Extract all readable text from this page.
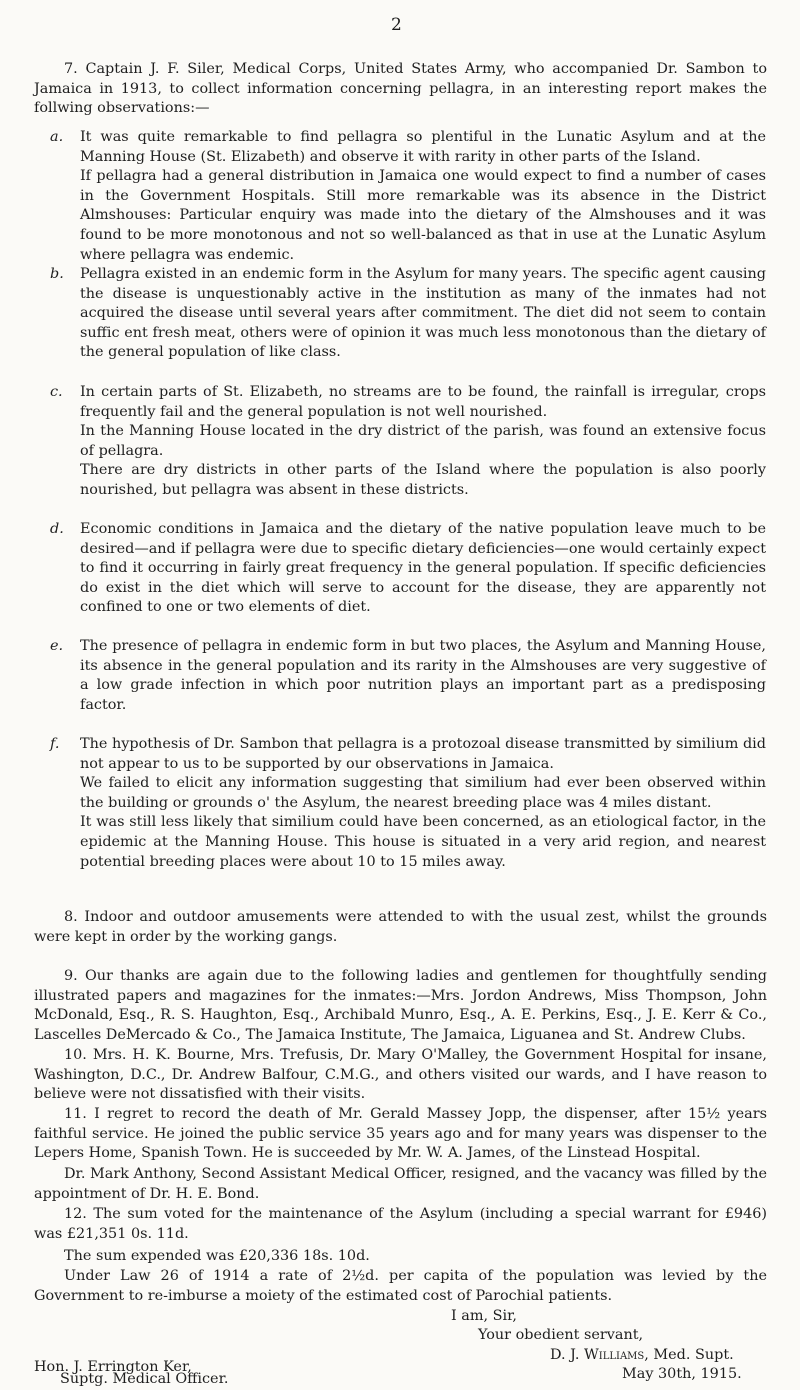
2

7. Captain J. F. Siler, Medical Corps, United States Army, who accompanied Dr. Sambon to Jamaica in 1913, to collect information concerning pellagra, in an interesting report makes the follwing observations:—

a. It was quite remarkable to find pellagra so plentiful in the Lunatic Asylum and at the Manning House (St. Elizabeth) and observe it with rarity in other parts of the Island.
If pellagra had a general distribution in Jamaica one would expect to find a number of cases in the Government Hospitals. Still more remarkable was its absence in the District Almshouses: Particular enquiry was made into the dietary of the Almshouses and it was found to be more monotonous and not so well-balanced as that in use at the Lunatic Asylum where pellagra was endemic.

b. Pellagra existed in an endemic form in the Asylum for many years. The specific agent causing the disease is unquestionably active in the institution as many of the inmates had not acquired the disease until several years after commitment. The diet did not seem to contain suffic ent fresh meat, others were of opinion it was much less monotonous than the dietary of the general population of like class.

c. In certain parts of St. Elizabeth, no streams are to be found, the rainfall is irregular, crops frequently fail and the general population is not well nourished.
In the Manning House located in the dry district of the parish, was found an extensive focus of pellagra.
There are dry districts in other parts of the Island where the population is also poorly nourished, but pellagra was absent in these districts.

d. Economic conditions in Jamaica and the dietary of the native population leave much to be desired—and if pellagra were due to specific dietary deficiencies—one would certainly expect to find it occurring in fairly great frequency in the general population. If specific deficiencies do exist in the diet which will serve to account for the disease, they are apparently not confined to one or two elements of diet.

e. The presence of pellagra in endemic form in but two places, the Asylum and Manning House, its absence in the general population and its rarity in the Almshouses are very suggestive of a low grade infection in which poor nutrition plays an important part as a predisposing factor.

f. The hypothesis of Dr. Sambon that pellagra is a protozoal disease transmitted by similium did not appear to us to be supported by our observations in Jamaica.
We failed to elicit any information suggesting that similium had ever been observed within the building or grounds o' the Asylum, the nearest breeding place was 4 miles distant.
It was still less likely that similium could have been concerned, as an etiological factor, in the epidemic at the Manning House. This house is situated in a very arid region, and nearest potential breeding places were about 10 to 15 miles away.

8. Indoor and outdoor amusements were attended to with the usual zest, whilst the grounds were kept in order by the working gangs.

9. Our thanks are again due to the following ladies and gentlemen for thoughtfully sending illustrated papers and magazines for the inmates:—Mrs. Jordon Andrews, Miss Thompson, John McDonald, Esq., R. S. Haughton, Esq., Archibald Munro, Esq., A. E. Perkins, Esq., J. E. Kerr & Co., Lascelles DeMercado & Co., The Jamaica Institute, The Jamaica, Liguanea and St. Andrew Clubs.

10. Mrs. H. K. Bourne, Mrs. Trefusis, Dr. Mary O'Malley, the Government Hospital for insane, Washington, D.C., Dr. Andrew Balfour, C.M.G., and others visited our wards, and I have reason to believe were not dissatisfied with their visits.

11. I regret to record the death of Mr. Gerald Massey Jopp, the dispenser, after 15½ years faithful service. He joined the public service 35 years ago and for many years was dispenser to the Lepers Home, Spanish Town. He is succeeded by Mr. W. A. James, of the Linstead Hospital.

Dr. Mark Anthony, Second Assistant Medical Officer, resigned, and the vacancy was filled by the appointment of Dr. H. E. Bond.

12. The sum voted for the maintenance of the Asylum (including a special warrant for £946) was £21,351 0s. 11d.

The sum expended was £20,336 18s. 10d.

Under Law 26 of 1914 a rate of 2½d. per capita of the population was levied by the Government to re-imburse a moiety of the estimated cost of Parochial patients.

I am, Sir,
Your obedient servant,
D. J. Williams, Med. Supt.
May 30th, 1915.
Hon. J. Errington Ker,
Suptg. Medical Officer.
